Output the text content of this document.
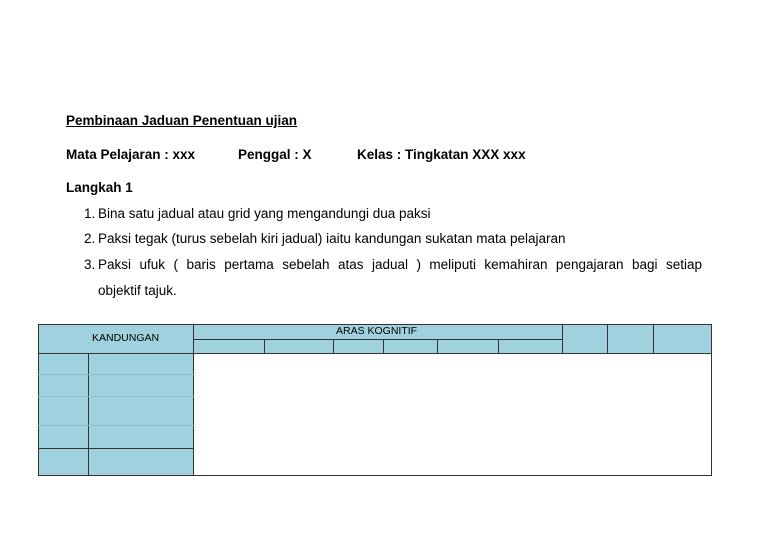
Pembinaan Jaduan Penentuan ujian
Mata Pelajaran : xxx	Penggal : X	Kelas : Tingkatan XXX xxx
Langkah 1
1. Bina satu jadual atau grid yang mengandungi dua paksi
2. Paksi tegak (turus sebelah kiri jadual) iaitu kandungan sukatan mata pelajaran
3. Paksi ufuk ( baris pertama sebelah atas jadual ) meliputi kemahiran pengajaran bagi setiap
objektif tajuk.
KANDUNGAN
ARAS KOGNITIF
